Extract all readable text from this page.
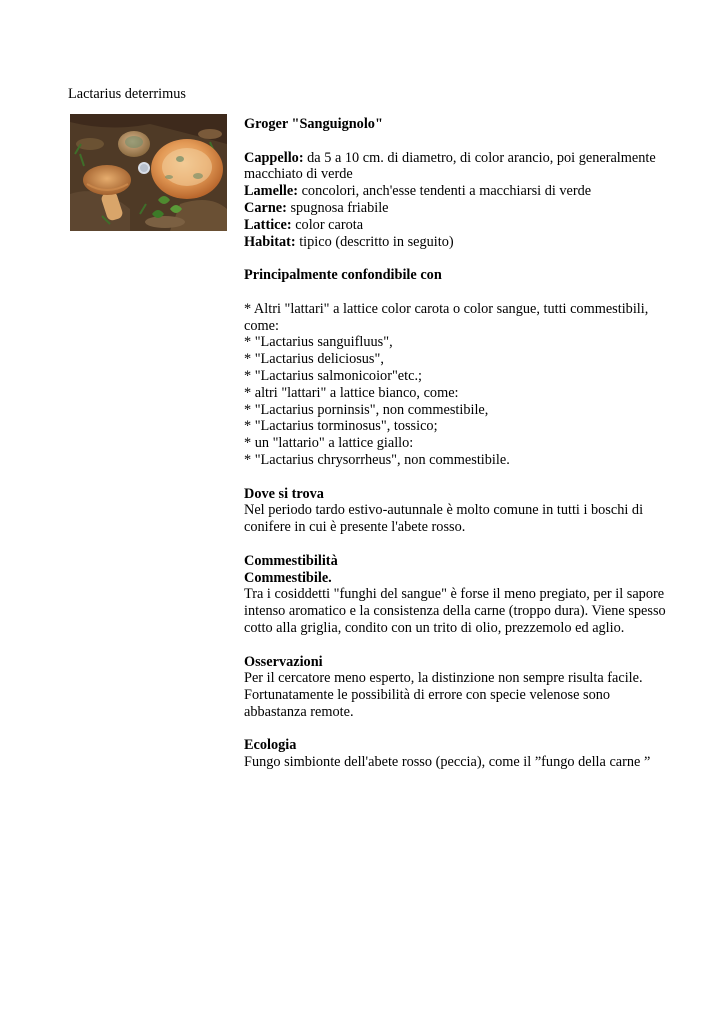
Lactarius deterrimus

Groger "Sanguignolo"

Cappello: da 5 a 10 cm. di diametro, di color arancio, poi generalmente macchiato di verde

Lamelle: concolori, anch'esse tendenti a macchiarsi di verde

Carne: spugnosa friabile

Lattice: color carota

Habitat: tipico (descritto in seguito)

Principalmente confondibile con

* Altri "lattari" a lattice color carota o color sangue, tutti commestibili, come:

* "Lactarius sanguifluus",

* "Lactarius deliciosus",

* "Lactarius salmonicoior"etc.;

* altri "lattari" a lattice bianco, come:

* "Lactarius porninsis", non commestibile,

* "Lactarius torminosus", tossico;

* un "lattario" a lattice giallo:

* "Lactarius chrysorrheus", non commestibile.

Dove si trova

Nel periodo tardo estivo-autunnale è molto comune in tutti i boschi di conifere in cui è presente l'abete rosso.

Commestibilità

Commestibile.

Tra i cosiddetti "funghi del sangue" è forse il meno pregiato, per il sapore intenso aromatico e la consistenza della carne (troppo dura). Viene spesso cotto alla griglia, condito con un trito di olio, prezzemolo ed aglio.

Osservazioni

Per il cercatore meno esperto, la distinzione non sempre risulta facile. Fortunatamente le possibilità di errore con specie velenose sono abbastanza remote.

Ecologia

Fungo simbionte dell'abete rosso (peccia), come il ”fungo della carne ”
